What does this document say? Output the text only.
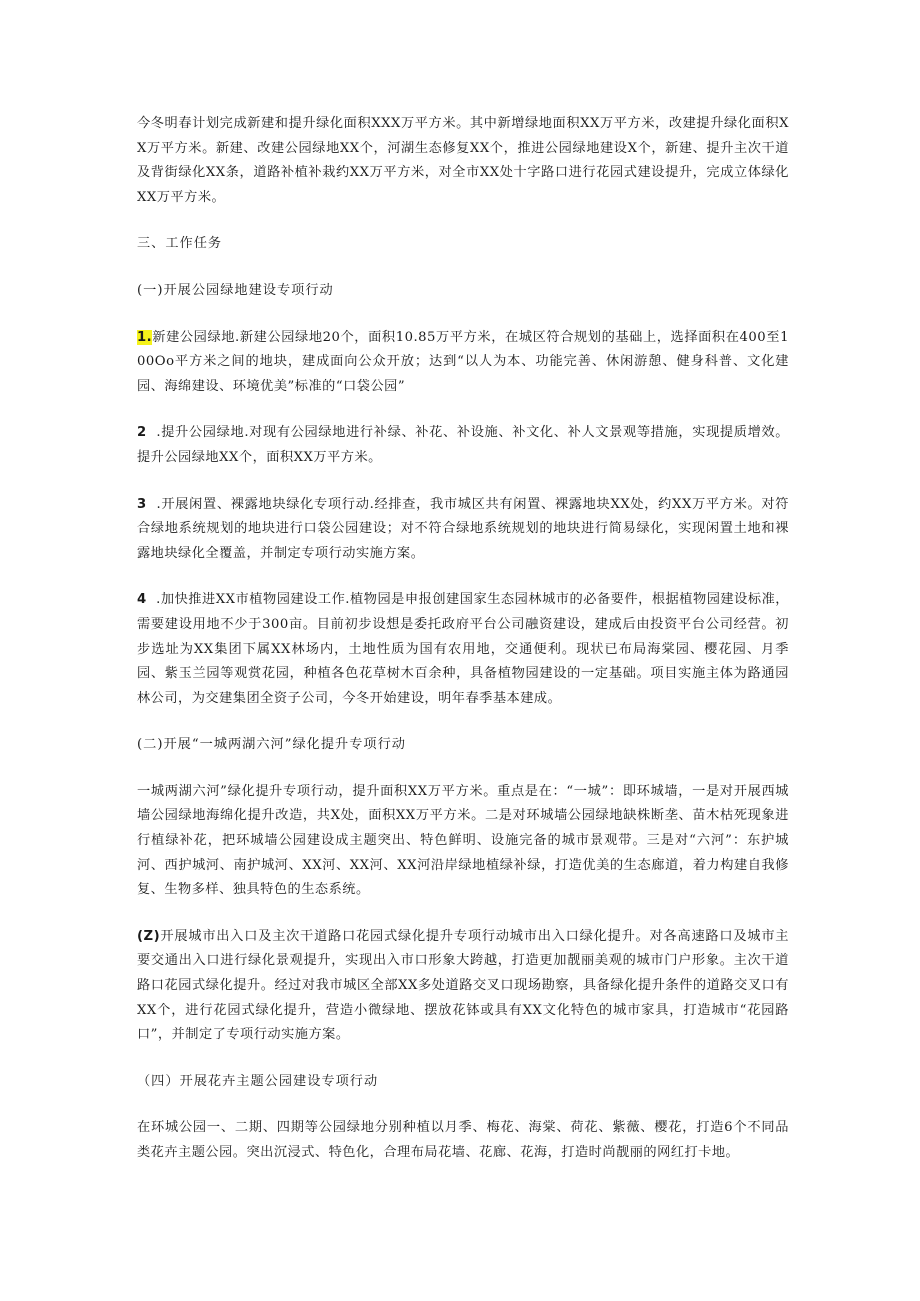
今冬明春计划完成新建和提升绿化面积XXX万平方米。其中新增绿地面积XX万平方米，改建提升绿化面积XX万平方米。新建、改建公园绿地XX个，河湖生态修复XX个，推进公园绿地建设X个，新建、提升主次干道及背街绿化XX条，道路补植补栽约XX万平方米，对全市XX处十字路口进行花园式建设提升，完成立体绿化XX万平方米。

三、工作任务

(一)开展公园绿地建设专项行动

1.新建公园绿地.新建公园绿地20个，面积10.85万平方米，在城区符合规划的基础上，选择面积在400至100Oo平方米之间的地块，建成面向公众开放；达到“以人为本、功能完善、休闲游憩、健身科普、文化建园、海绵建设、环境优美”标准的“口袋公园”

2 .提升公园绿地.对现有公园绿地进行补绿、补花、补设施、补文化、补人文景观等措施，实现提质增效。提升公园绿地XX个，面积XX万平方米。

3 .开展闲置、裸露地块绿化专项行动.经排查，我市城区共有闲置、裸露地块XX处，约XX万平方米。对符合绿地系统规划的地块进行口袋公园建设；对不符合绿地系统规划的地块进行简易绿化，实现闲置土地和裸露地块绿化全覆盖，并制定专项行动实施方案。

4 .加快推进XX市植物园建设工作.植物园是申报创建国家生态园林城市的必备要件，根据植物园建设标准，需要建设用地不少于300亩。目前初步设想是委托政府平台公司融资建设，建成后由投资平台公司经营。初步选址为XX集团下属XX林场内，土地性质为国有农用地，交通便利。现状已布局海棠园、樱花园、月季园、紫玉兰园等观赏花园，种植各色花草树木百余种，具备植物园建设的一定基础。项目实施主体为路通园林公司，为交建集团全资子公司，今冬开始建设，明年春季基本建成。

(二)开展“一城两湖六河”绿化提升专项行动

一城两湖六河”绿化提升专项行动，提升面积XX万平方米。重点是在：“一城”：即环城墙，一是对开展西城墙公园绿地海绵化提升改造，共X处，面积XX万平方米。二是对环城墙公园绿地缺株断垄、苗木枯死现象进行植绿补花，把环城墙公园建设成主题突出、特色鲜明、设施完备的城市景观带。三是对“六河”：东护城河、西护城河、南护城河、XX河、XX河、XX河沿岸绿地植绿补绿，打造优美的生态廊道，着力构建自我修复、生物多样、独具特色的生态系统。

(Z)开展城市出入口及主次干道路口花园式绿化提升专项行动城市出入口绿化提升。对各高速路口及城市主要交通出入口进行绿化景观提升，实现出入市口形象大跨越，打造更加靓丽美观的城市门户形象。主次干道路口花园式绿化提升。经过对我市城区全部XX多处道路交叉口现场勘察，具备绿化提升条件的道路交叉口有XX个，进行花园式绿化提升，营造小微绿地、摆放花钵或具有XX文化特色的城市家具，打造城市“花园路口”，并制定了专项行动实施方案。

（四）开展花卉主题公园建设专项行动

在环城公园一、二期、四期等公园绿地分别种植以月季、梅花、海棠、荷花、紫薇、樱花，打造6个不同品类花卉主题公园。突出沉浸式、特色化，合理布局花墙、花廊、花海，打造时尚靓丽的网红打卡地。
